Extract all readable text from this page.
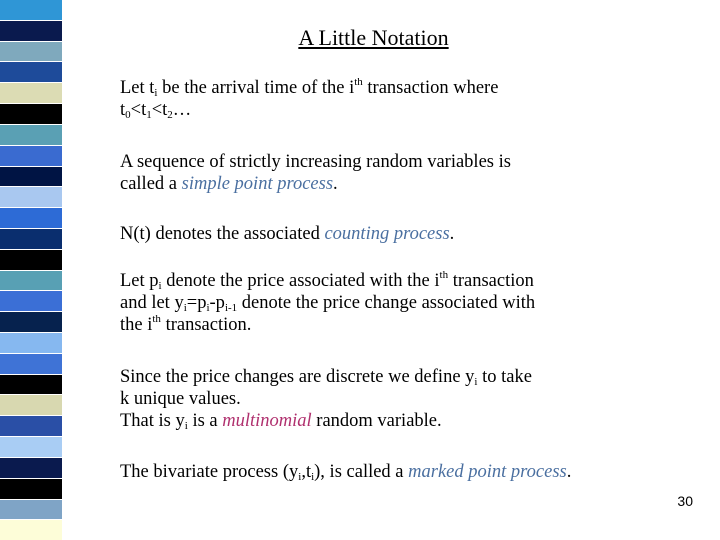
A Little Notation

Let $t_i$ be the arrival time of the $i^{th}$ transaction where

$t_0<t_1<t_2\dots$

A sequence of strictly increasing random variables is

called a simple point process.

N(t) denotes the associated counting process.

Let $p_i$ denote the price associated with the $i^{th}$ transaction

and let $y_i=p_i-p_{i-1}$ denote the price change associated with

the $i^{th}$ transaction.

Since the price changes are discrete we define $y_i$ to take

k unique values.

That is $y_i$ is a multinomial random variable.

The bivariate process $(y_i,t_i)$, is called a marked point process.

30
